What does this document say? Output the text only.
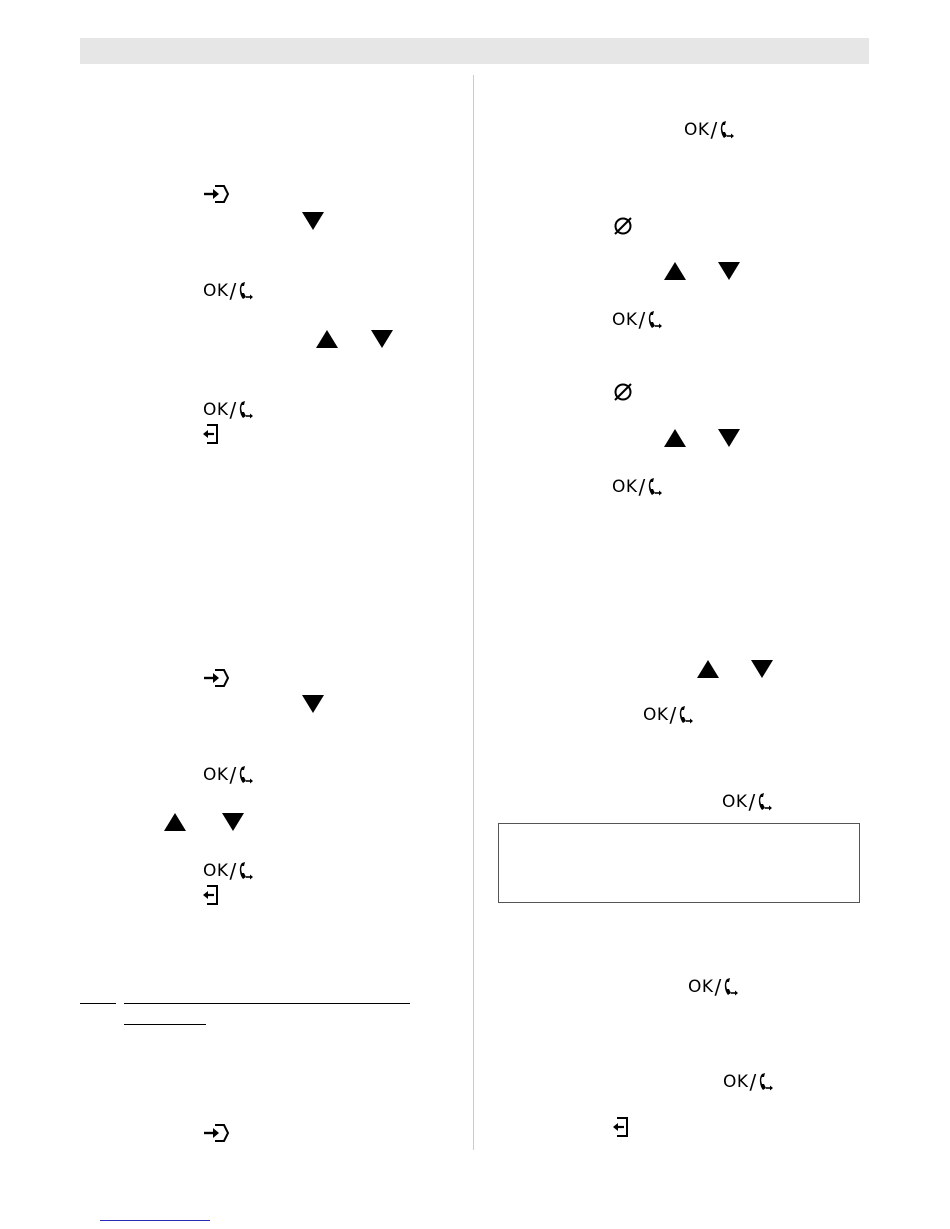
OK /
OK /
OK /
OK /
OK /
OK /
OK /
OK /
OK /
OK /
OK /
